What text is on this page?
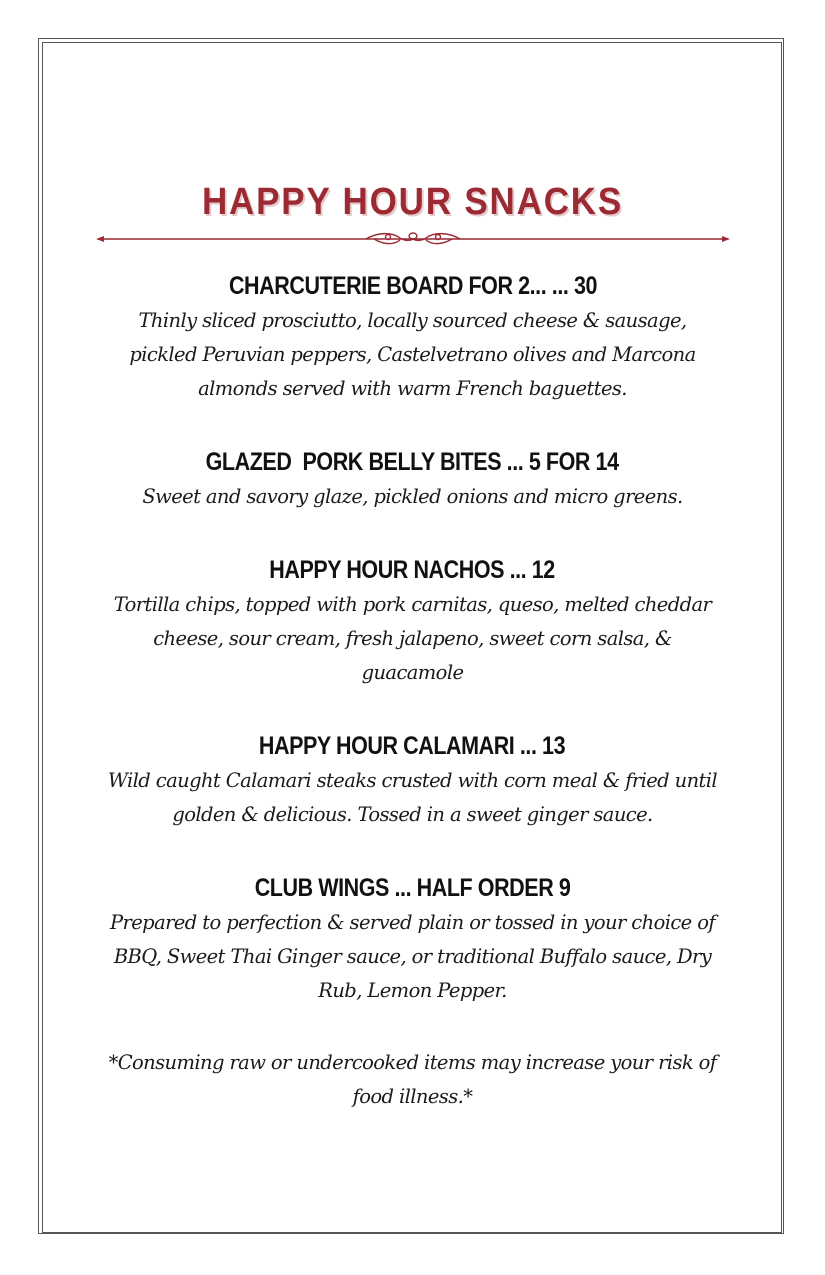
HAPPY HOUR SNACKS
CHARCUTERIE BOARD FOR 2... ... 30

Thinly sliced prosciutto, locally sourced cheese & sausage, pickled Peruvian peppers, Castelvetrano olives and Marcona almonds served with warm French baguettes.

GLAZED  PORK BELLY BITES ... 5 FOR 14

Sweet and savory glaze, pickled onions and micro greens.

HAPPY HOUR NACHOS ... 12

Tortilla chips, topped with pork carnitas, queso, melted cheddar cheese, sour cream, fresh jalapeno, sweet corn salsa, & guacamole

HAPPY HOUR CALAMARI ... 13

Wild caught Calamari steaks crusted with corn meal & fried until golden & delicious. Tossed in a sweet ginger sauce.

CLUB WINGS ... HALF ORDER 9

Prepared to perfection & served plain or tossed in your choice of BBQ, Sweet Thai Ginger sauce, or traditional Buffalo sauce, Dry Rub, Lemon Pepper.

*Consuming raw or undercooked items may increase your risk of food illness.*
